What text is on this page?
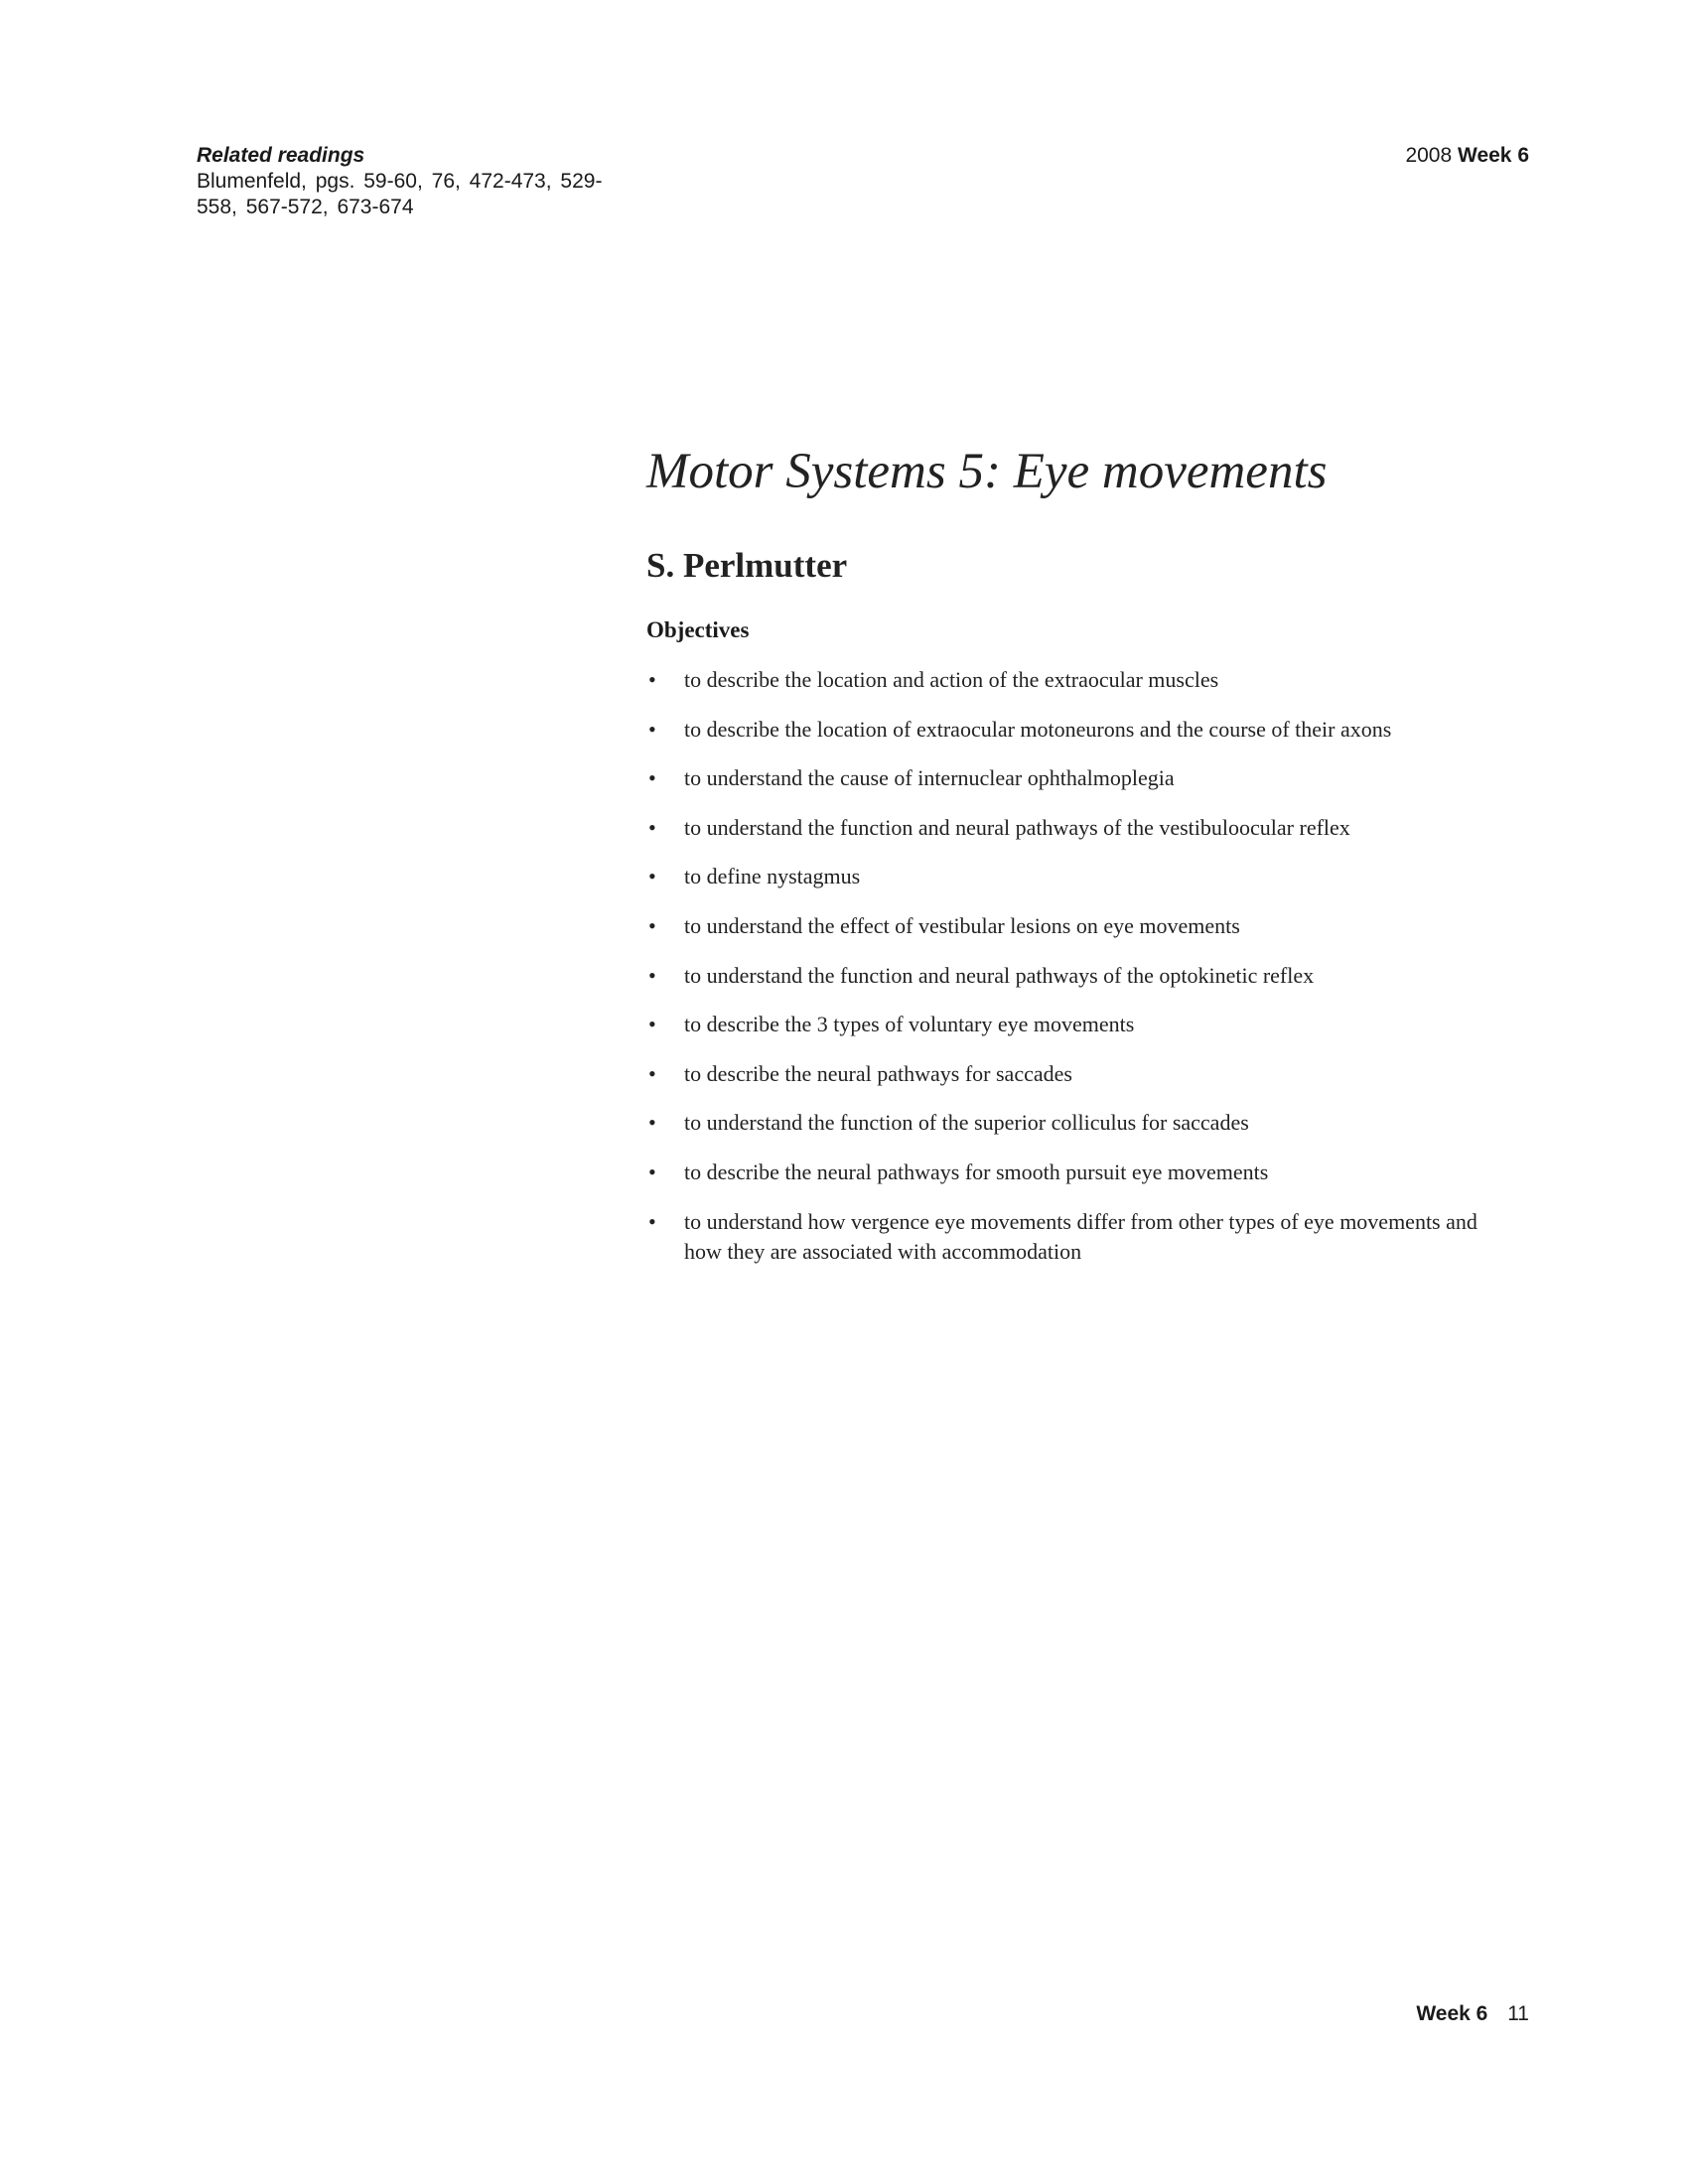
Related readings
Blumenfeld, pgs. 59-60, 76, 472-473, 529-558, 567-572, 673-674
2008 Week 6
Motor Systems 5: Eye movements
S. Perlmutter
Objectives
• to describe the location and action of the extraocular muscles
• to describe the location of extraocular motoneurons and the course of their axons
• to understand the cause of internuclear ophthalmoplegia
• to understand the function and neural pathways of the vestibuloocular reflex
• to define nystagmus
• to understand the effect of vestibular lesions on eye movements
• to understand the function and neural pathways of the optokinetic reflex
• to describe the 3 types of voluntary eye movements
• to describe the neural pathways for saccades
• to understand the function of the superior colliculus for saccades
• to describe the neural pathways for smooth pursuit eye movements
• to understand how vergence eye movements differ from other types of eye movements and how they are associated with accommodation
Week 6 11
